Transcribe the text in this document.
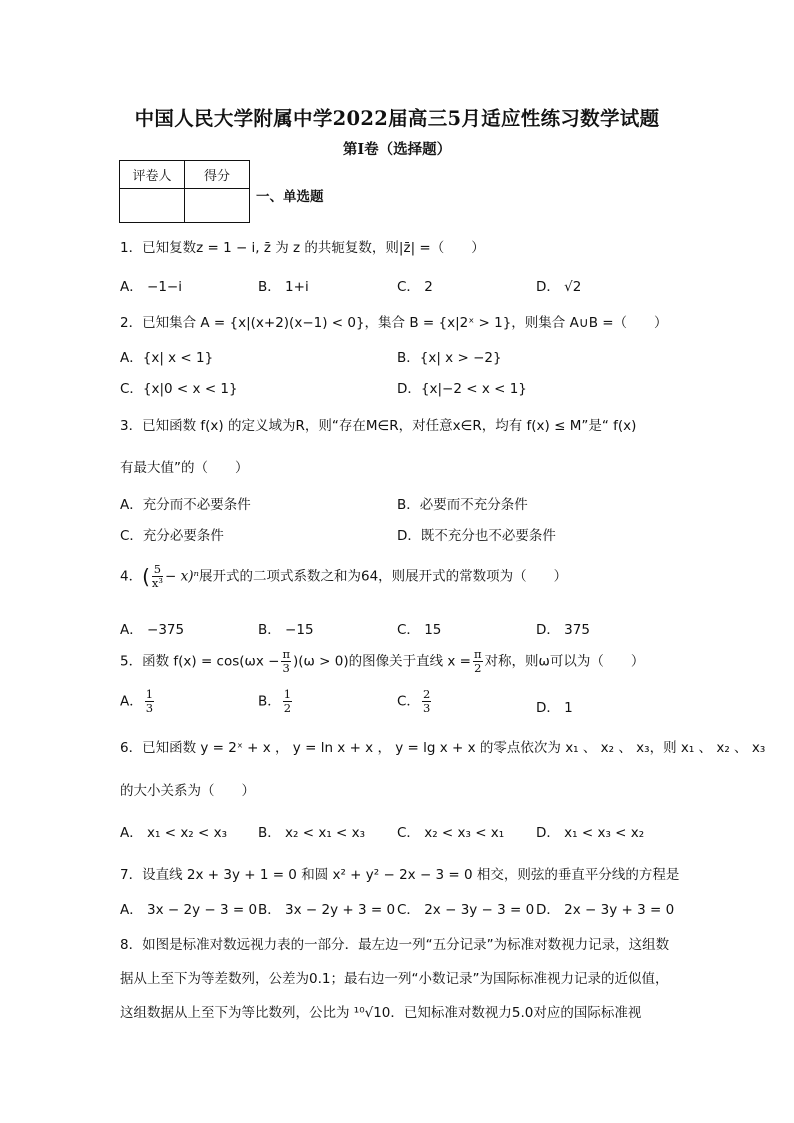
中国人民大学附属中学2022届高三5月适应性练习数学试题
第Ⅰ卷（选择题）
评卷人	得分

一、单选题
1．已知复数z = 1 − i, z̄ 为 z 的共轭复数，则|z̄| =（　　）
A． −1−i	B． 1+i	C． 2	D． √2
2．已知集合 A = {x|(x+2)(x−1) < 0}，集合 B = {x|2ˣ > 1}，则集合 A∪B =（　　）
A．{x| x < 1}	B．{x| x > −2}
C．{x|0 < x < 1}	D．{x|−2 < x < 1}
3．已知函数 f(x) 的定义域为R，则“存在M∈R，对任意x∈R，均有 f(x) ≤ M”是“ f(x)
有最大值”的（　　）
A．充分而不必要条件	B．必要而不充分条件
C．充分必要条件	D．既不充分也不必要条件
4．( $\frac{5}{\text{x³}} - x)^n$展开式的二项式系数之和为64，则展开式的常数项为（　　）
A． −375	B． −15	C． 15	D． 375
5．函数 $f(x) = \cos(\omega x - \frac{\pi}{3} )(\omega > 0)$的图像关于直线 $x = \frac{\pi}{2}$ 对称，则ω可以为（　　）
A． $\frac{1}{3}$	B． $\frac{1}{2}$	C． $\frac{2}{3}$	D． 1
6．已知函数 y = 2ˣ + x ， y = ln x + x ， y = lg x + x 的零点依次为 x₁ 、 x₂ 、 x₃，则 x₁ 、 x₂ 、 x₃
的大小关系为（　　）
A． x₁ < x₂ < x₃ B． x₂ < x₁ < x₃ C． x₂ < x₃ < x₁ D． x₁ < x₃ < x₂
7．设直线 2x + 3y + 1 = 0 和圆 x² + y² − 2x − 3 = 0 相交，则弦的垂直平分线的方程是
A． 3x − 2y − 3 = 0 B． 3x − 2y + 3 = 0 C． 2x − 3y − 3 = 0 D． 2x − 3y + 3 = 0
8．如图是标准对数远视力表的一部分．最左边一列“五分记录”为标准对数视力记录，这组数据从上至下为等差数列，公差为0.1；最右边一列“小数记录”为国际标准视力记录的近似值，这组数据从上至下为等比数列，公比为 ¹⁰√10．已知标准对数视力5.0对应的国际标准视
